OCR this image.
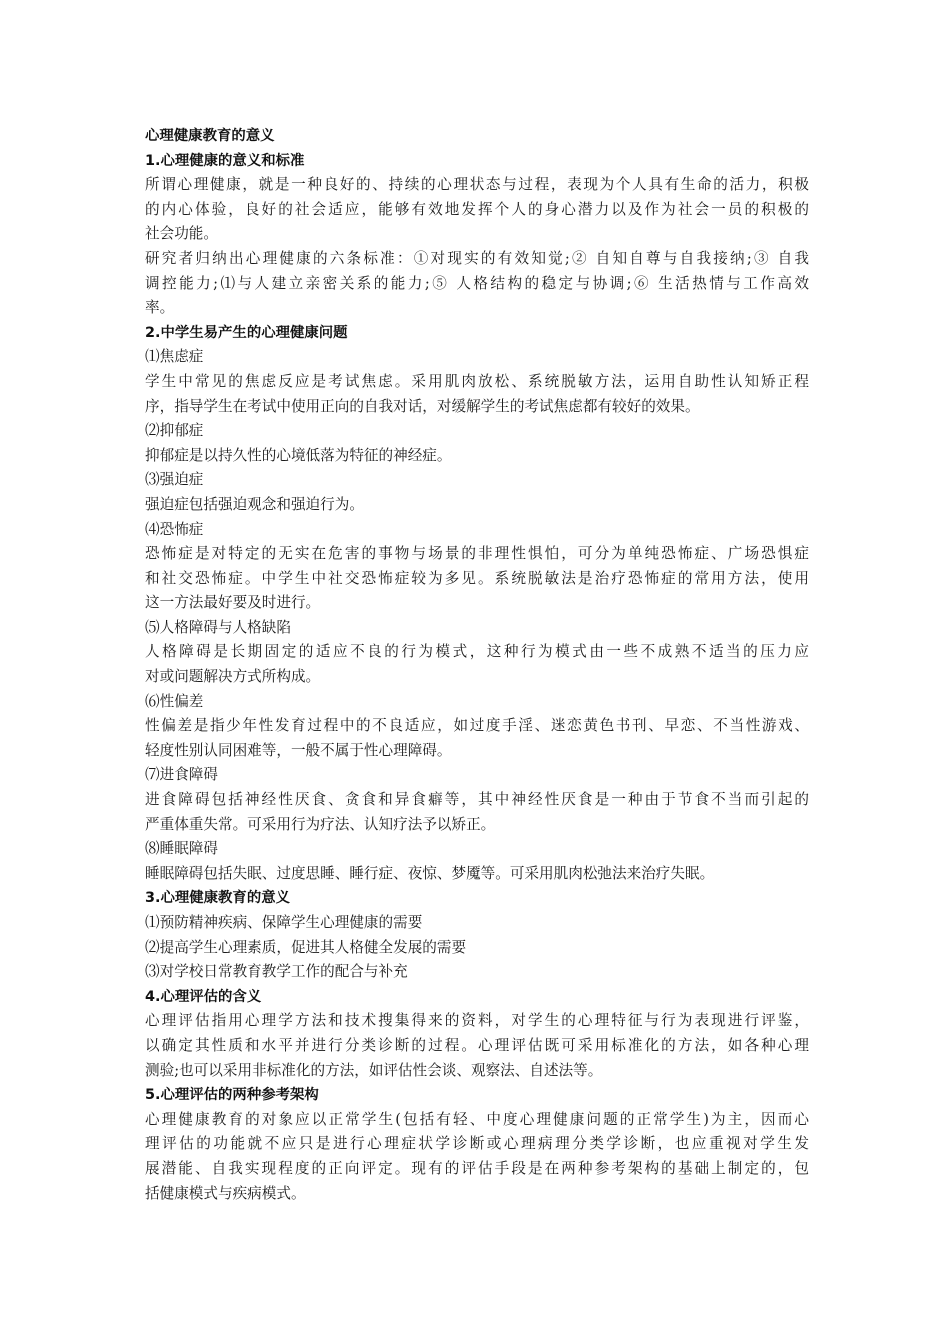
心理健康教育的意义
1.心理健康的意义和标准
所谓心理健康，就是一种良好的、持续的心理状态与过程，表现为个人具有生命的活力，积极
的内心体验，良好的社会适应，能够有效地发挥个人的身心潜力以及作为社会一员的积极的
社会功能。
研究者归纳出心理健康的六条标准：①对现实的有效知觉;② 自知自尊与自我接纳;③ 自我
调控能力;⑴与人建立亲密关系的能力;⑤ 人格结构的稳定与协调;⑥ 生活热情与工作高效
率。
2.中学生易产生的心理健康问题
⑴焦虑症
学生中常见的焦虑反应是考试焦虑。采用肌肉放松、系统脱敏方法，运用自助性认知矫正程
序，指导学生在考试中使用正向的自我对话，对缓解学生的考试焦虑都有较好的效果。
⑵抑郁症
抑郁症是以持久性的心境低落为特征的神经症。
⑶强迫症
强迫症包括强迫观念和强迫行为。
⑷恐怖症
恐怖症是对特定的无实在危害的事物与场景的非理性惧怕，可分为单纯恐怖症、广场恐惧症
和社交恐怖症。中学生中社交恐怖症较为多见。系统脱敏法是治疗恐怖症的常用方法，使用
这一方法最好要及时进行。
⑸人格障碍与人格缺陷
人格障碍是长期固定的适应不良的行为模式，这种行为模式由一些不成熟不适当的压力应
对或问题解决方式所构成。
⑹性偏差
性偏差是指少年性发育过程中的不良适应，如过度手淫、迷恋黄色书刊、早恋、不当性游戏、
轻度性别认同困难等，一般不属于性心理障碍。
⑺进食障碍
进食障碍包括神经性厌食、贪食和异食癖等，其中神经性厌食是一种由于节食不当而引起的
严重体重失常。可采用行为疗法、认知疗法予以矫正。
⑻睡眠障碍
睡眠障碍包括失眠、过度思睡、睡行症、夜惊、梦魇等。可采用肌肉松弛法来治疗失眠。
3.心理健康教育的意义
⑴预防精神疾病、保障学生心理健康的需要
⑵提高学生心理素质，促进其人格健全发展的需要
⑶对学校日常教育教学工作的配合与补充
4.心理评估的含义
心理评估指用心理学方法和技术搜集得来的资料，对学生的心理特征与行为表现进行评鉴，
以确定其性质和水平并进行分类诊断的过程。心理评估既可采用标准化的方法，如各种心理
测验;也可以采用非标准化的方法，如评估性会谈、观察法、自述法等。
5.心理评估的两种参考架构
心理健康教育的对象应以正常学生(包括有轻、中度心理健康问题的正常学生)为主，因而心
理评估的功能就不应只是进行心理症状学诊断或心理病理分类学诊断，也应重视对学生发
展潜能、自我实现程度的正向评定。现有的评估手段是在两种参考架构的基础上制定的，包
括健康模式与疾病模式。
